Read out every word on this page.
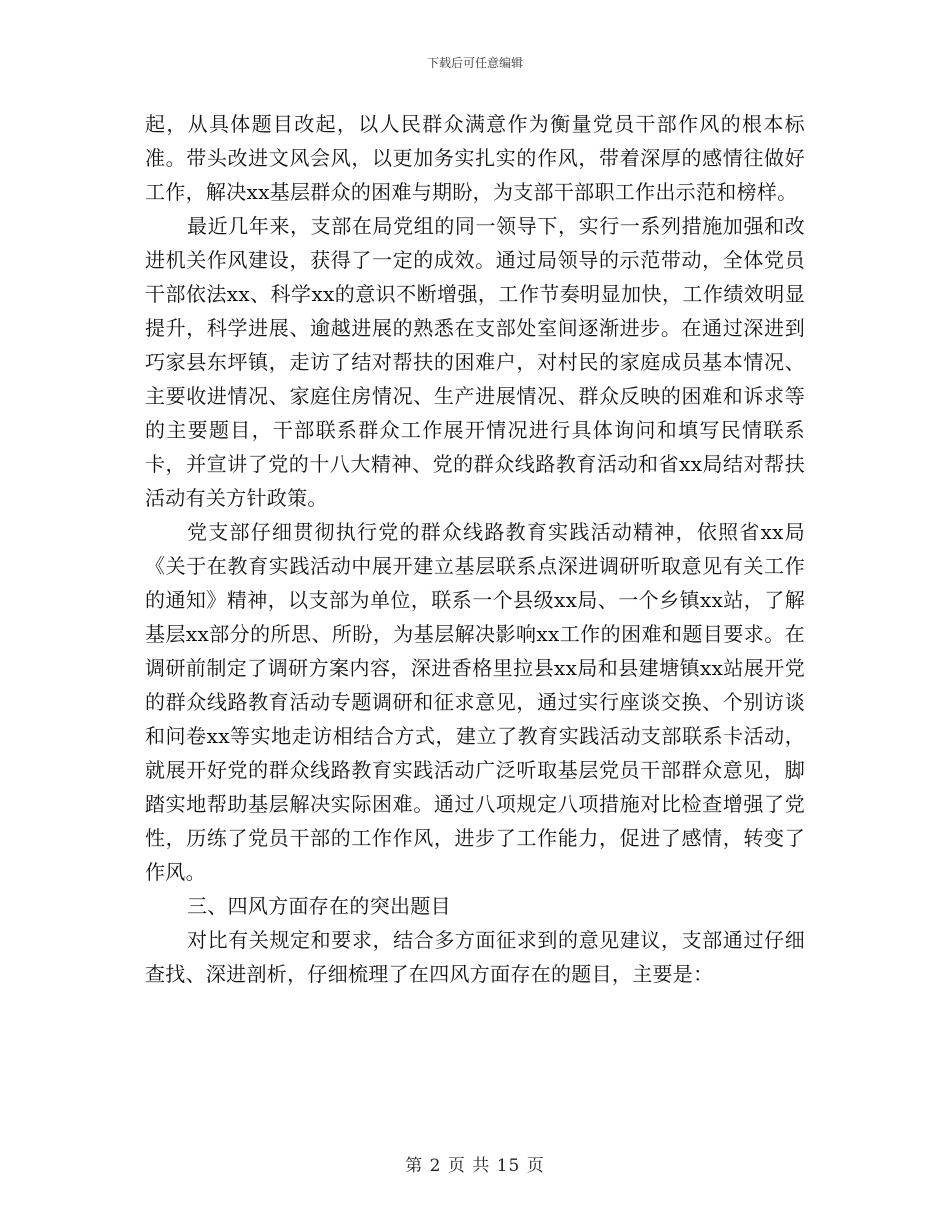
下载后可任意编辑

起，从具体题目改起，以人民群众满意作为衡量党员干部作风的根本标准。带头改进文风会风，以更加务实扎实的作风，带着深厚的感情往做好工作，解决xx基层群众的困难与期盼，为支部干部职工作出示范和榜样。

最近几年来，支部在局党组的同一领导下，实行一系列措施加强和改进机关作风建设，获得了一定的成效。通过局领导的示范带动，全体党员干部依法xx、科学xx的意识不断增强，工作节奏明显加快，工作绩效明显提升，科学进展、逾越进展的熟悉在支部处室间逐渐进步。在通过深进到巧家县东坪镇，走访了结对帮扶的困难户，对村民的家庭成员基本情况、主要收进情况、家庭住房情况、生产进展情况、群众反映的困难和诉求等的主要题目，干部联系群众工作展开情况进行具体询问和填写民情联系卡，并宣讲了党的十八大精神、党的群众线路教育活动和省xx局结对帮扶活动有关方针政策。

党支部仔细贯彻执行党的群众线路教育实践活动精神，依照省xx局《关于在教育实践活动中展开建立基层联系点深进调研听取意见有关工作的通知》精神，以支部为单位，联系一个县级xx局、一个乡镇xx站，了解基层xx部分的所思、所盼，为基层解决影响xx工作的困难和题目要求。在调研前制定了调研方案内容，深进香格里拉县xx局和县建塘镇xx站展开党的群众线路教育活动专题调研和征求意见，通过实行座谈交换、个别访谈和问卷xx等实地走访相结合方式，建立了教育实践活动支部联系卡活动，就展开好党的群众线路教育实践活动广泛听取基层党员干部群众意见，脚踏实地帮助基层解决实际困难。通过八项规定八项措施对比检查增强了党性，历练了党员干部的工作作风，进步了工作能力，促进了感情，转变了作风。

三、四风方面存在的突出题目

对比有关规定和要求，结合多方面征求到的意见建议，支部通过仔细查找、深进剖析，仔细梳理了在四风方面存在的题目，主要是：

第 2 页 共 15 页
